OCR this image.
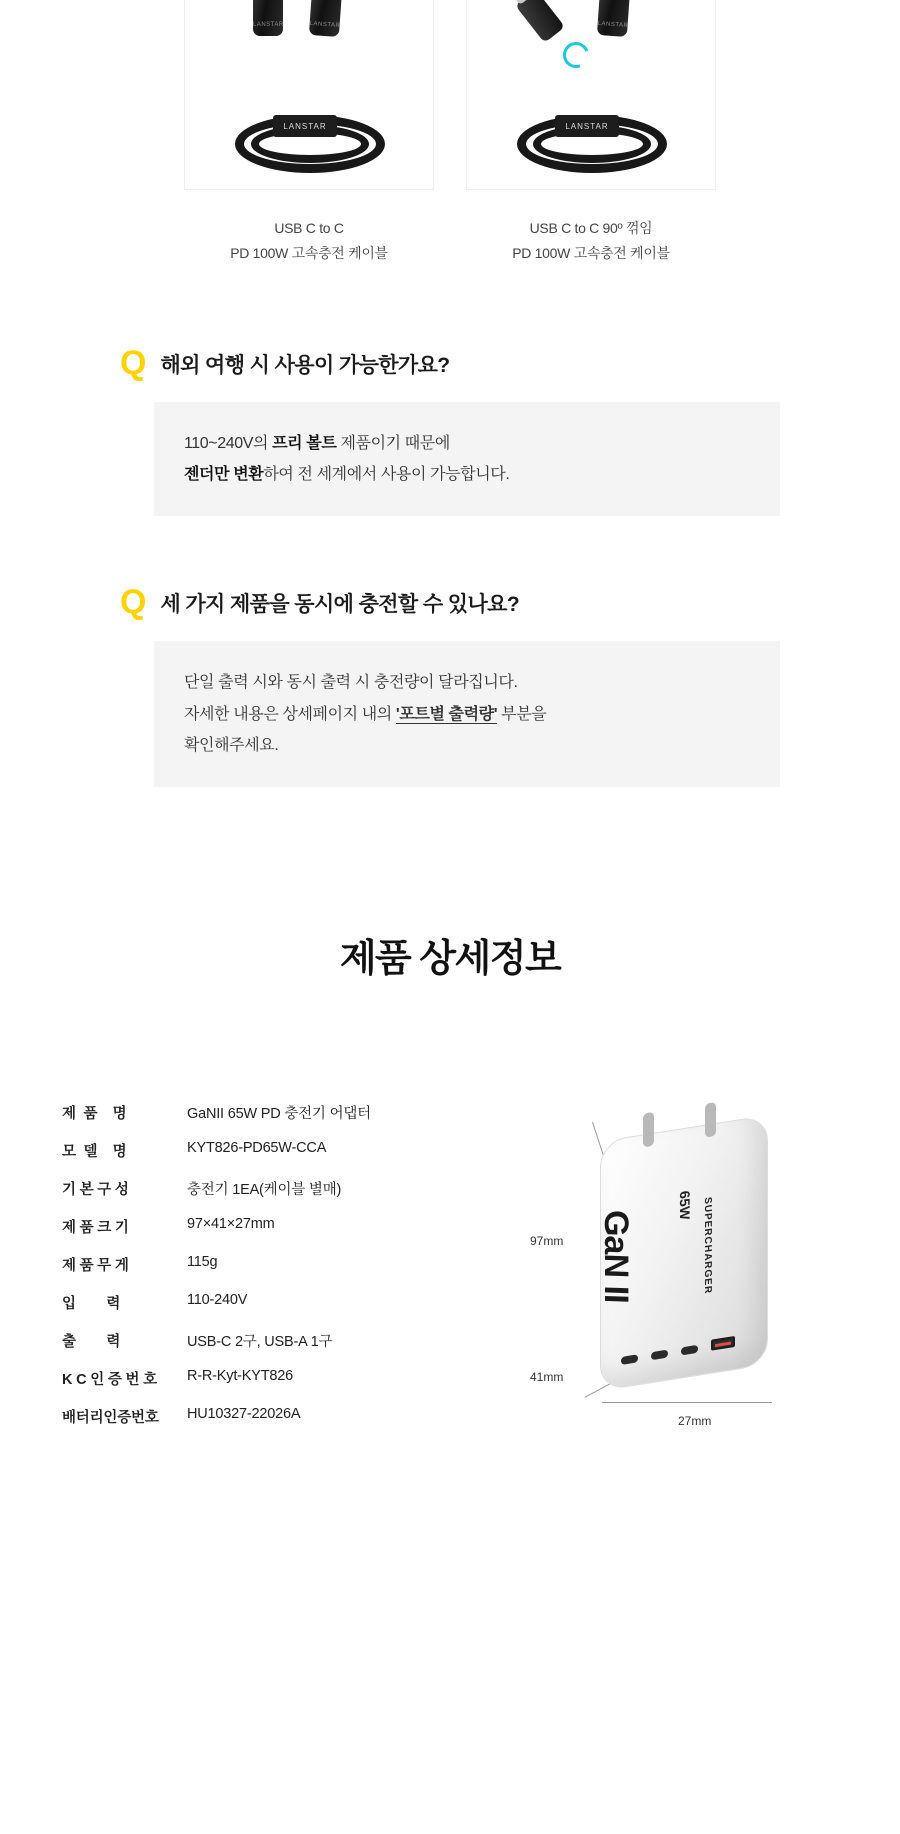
LANSTAR	LANSTAR
LANSTAR
USB C to C
PD 100W 고속충전 케이블
LANSTAR
LANSTAR
USB C to C 90º 꺾임
PD 100W 고속충전 케이블
Q 해외 여행 시 사용이 가능한가요?
110~240V의 프리 볼트 제품이기 때문에
젠더만 변환하여 전 세계에서 사용이 가능합니다.
Q 세 가지 제품을 동시에 충전할 수 있나요?
단일 출력 시와 동시 출력 시 충전량이 달라집니다.
자세한 내용은 상세페이지 내의 '포트별 출력량' 부분을
확인해주세요.
제품 상세정보
제  품    명	GaNII 65W PD 충전기 어댑터
모  델    명	KYT826-PD65W-CCA
기 본 구 성	충전기 1EA(케이블 별매)
제 품 크 기	97×41×27mm
제 품 무 게	115g
입        력	110-240V
출        력	USB-C 2구, USB-A 1구
K C 인 증 번 호	R-R-Kyt-KYT826
배터리인증번호	HU10327-22026A
97mm
41mm
27mm
GaN II
65W SUPERCHARGER
